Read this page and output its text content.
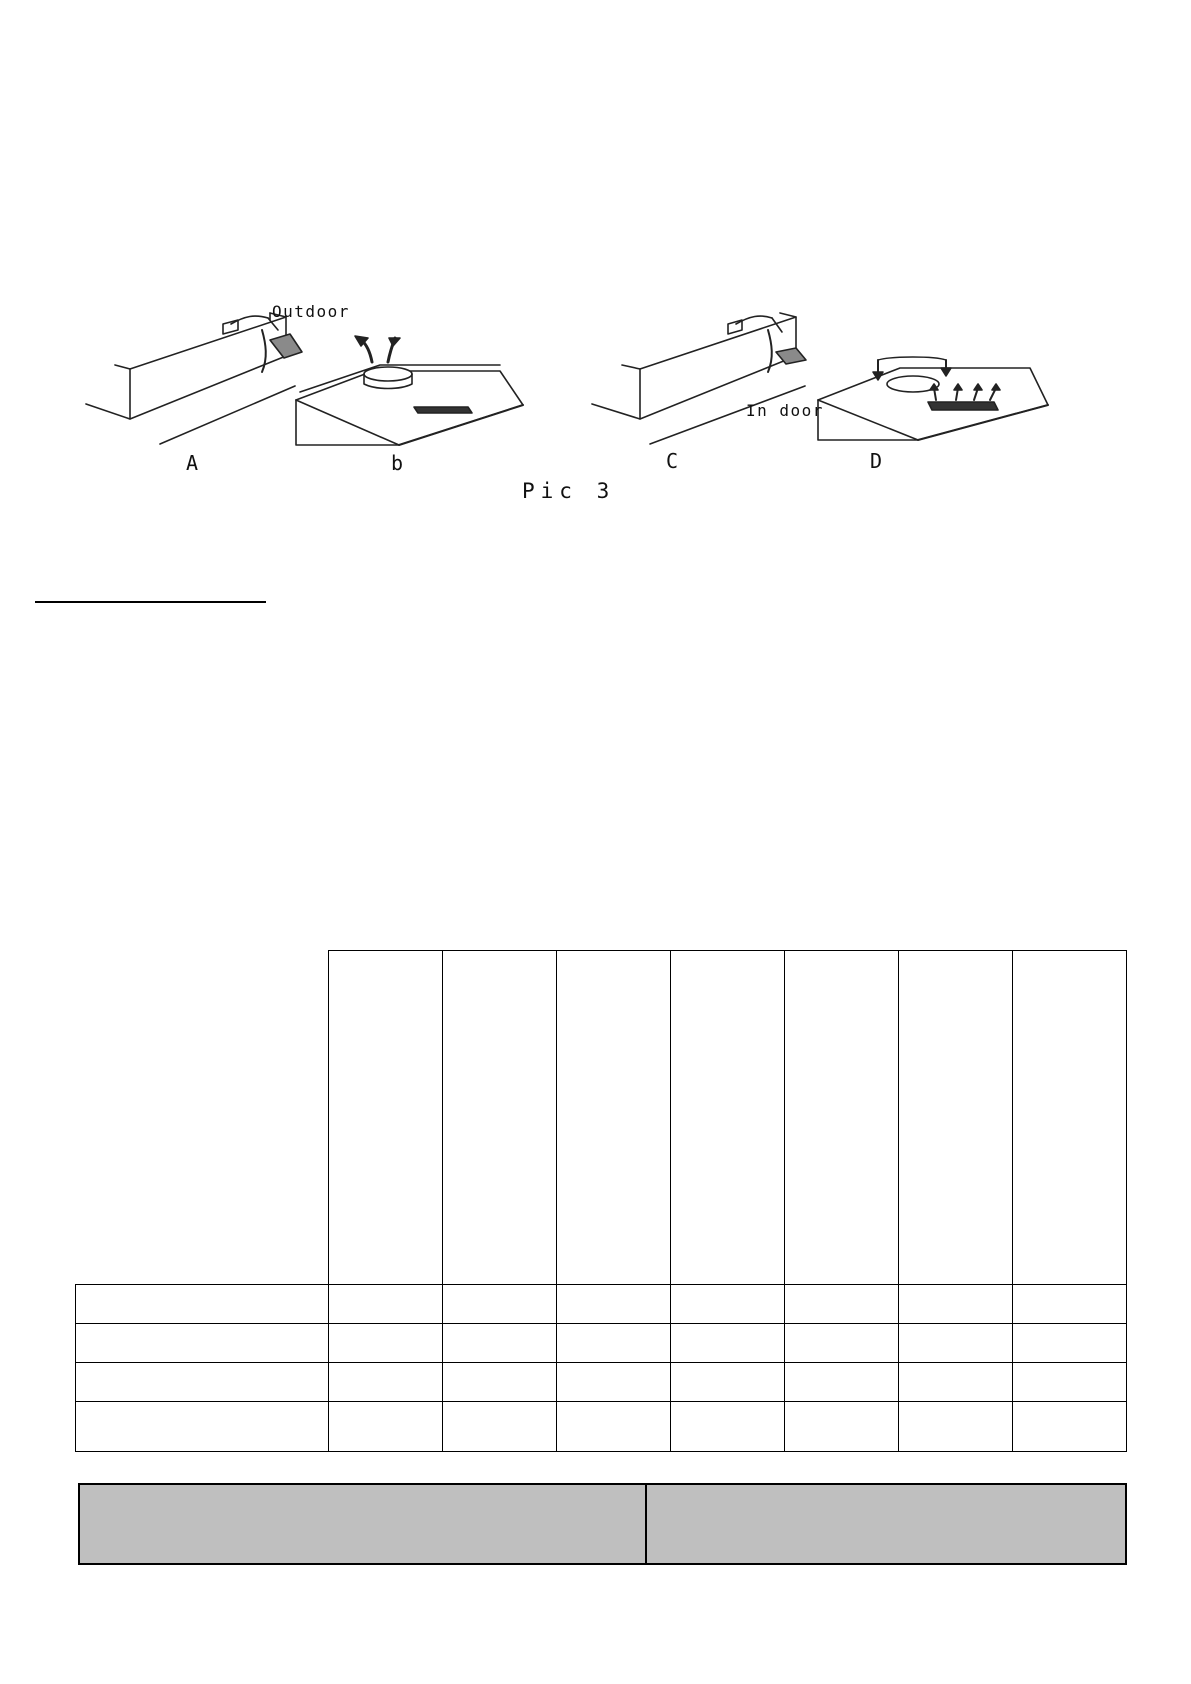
Outdoor
In door
A	b	C	D
Pic 3
